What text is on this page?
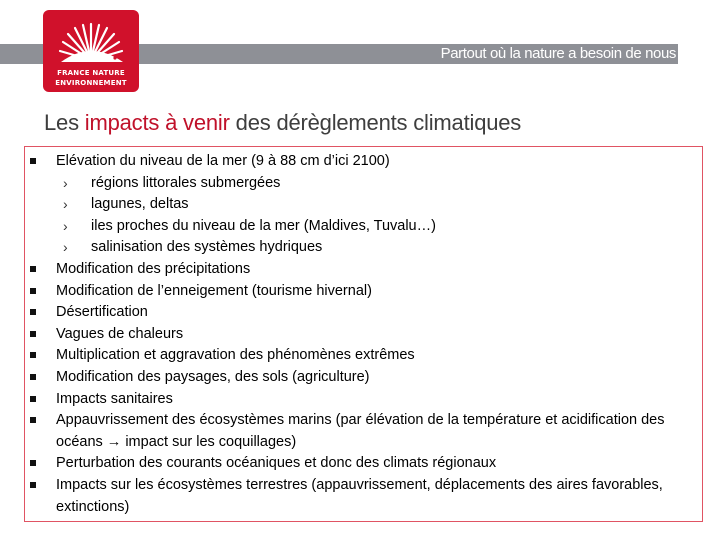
Partout où la nature a besoin de nous
FRANCE NATURE
ENVIRONNEMENT
Les impacts à venir des dérèglements climatiques
Elévation du niveau de la mer (9 à 88 cm d’ici 2100)
› régions littorales submergées
› lagunes, deltas
› iles proches du niveau de la mer (Maldives, Tuvalu…)
› salinisation des systèmes hydriques
Modification des précipitations
Modification de l’enneigement (tourisme hivernal)
Désertification
Vagues de chaleurs
Multiplication et aggravation des phénomènes extrêmes
Modification des paysages, des sols (agriculture)
Impacts sanitaires
Appauvrissement des écosystèmes marins (par élévation de la température et acidification des océans → impact sur les coquillages)
Perturbation des courants océaniques et donc des climats régionaux
Impacts sur les écosystèmes terrestres (appauvrissement, déplacements des aires favorables, extinctions)
